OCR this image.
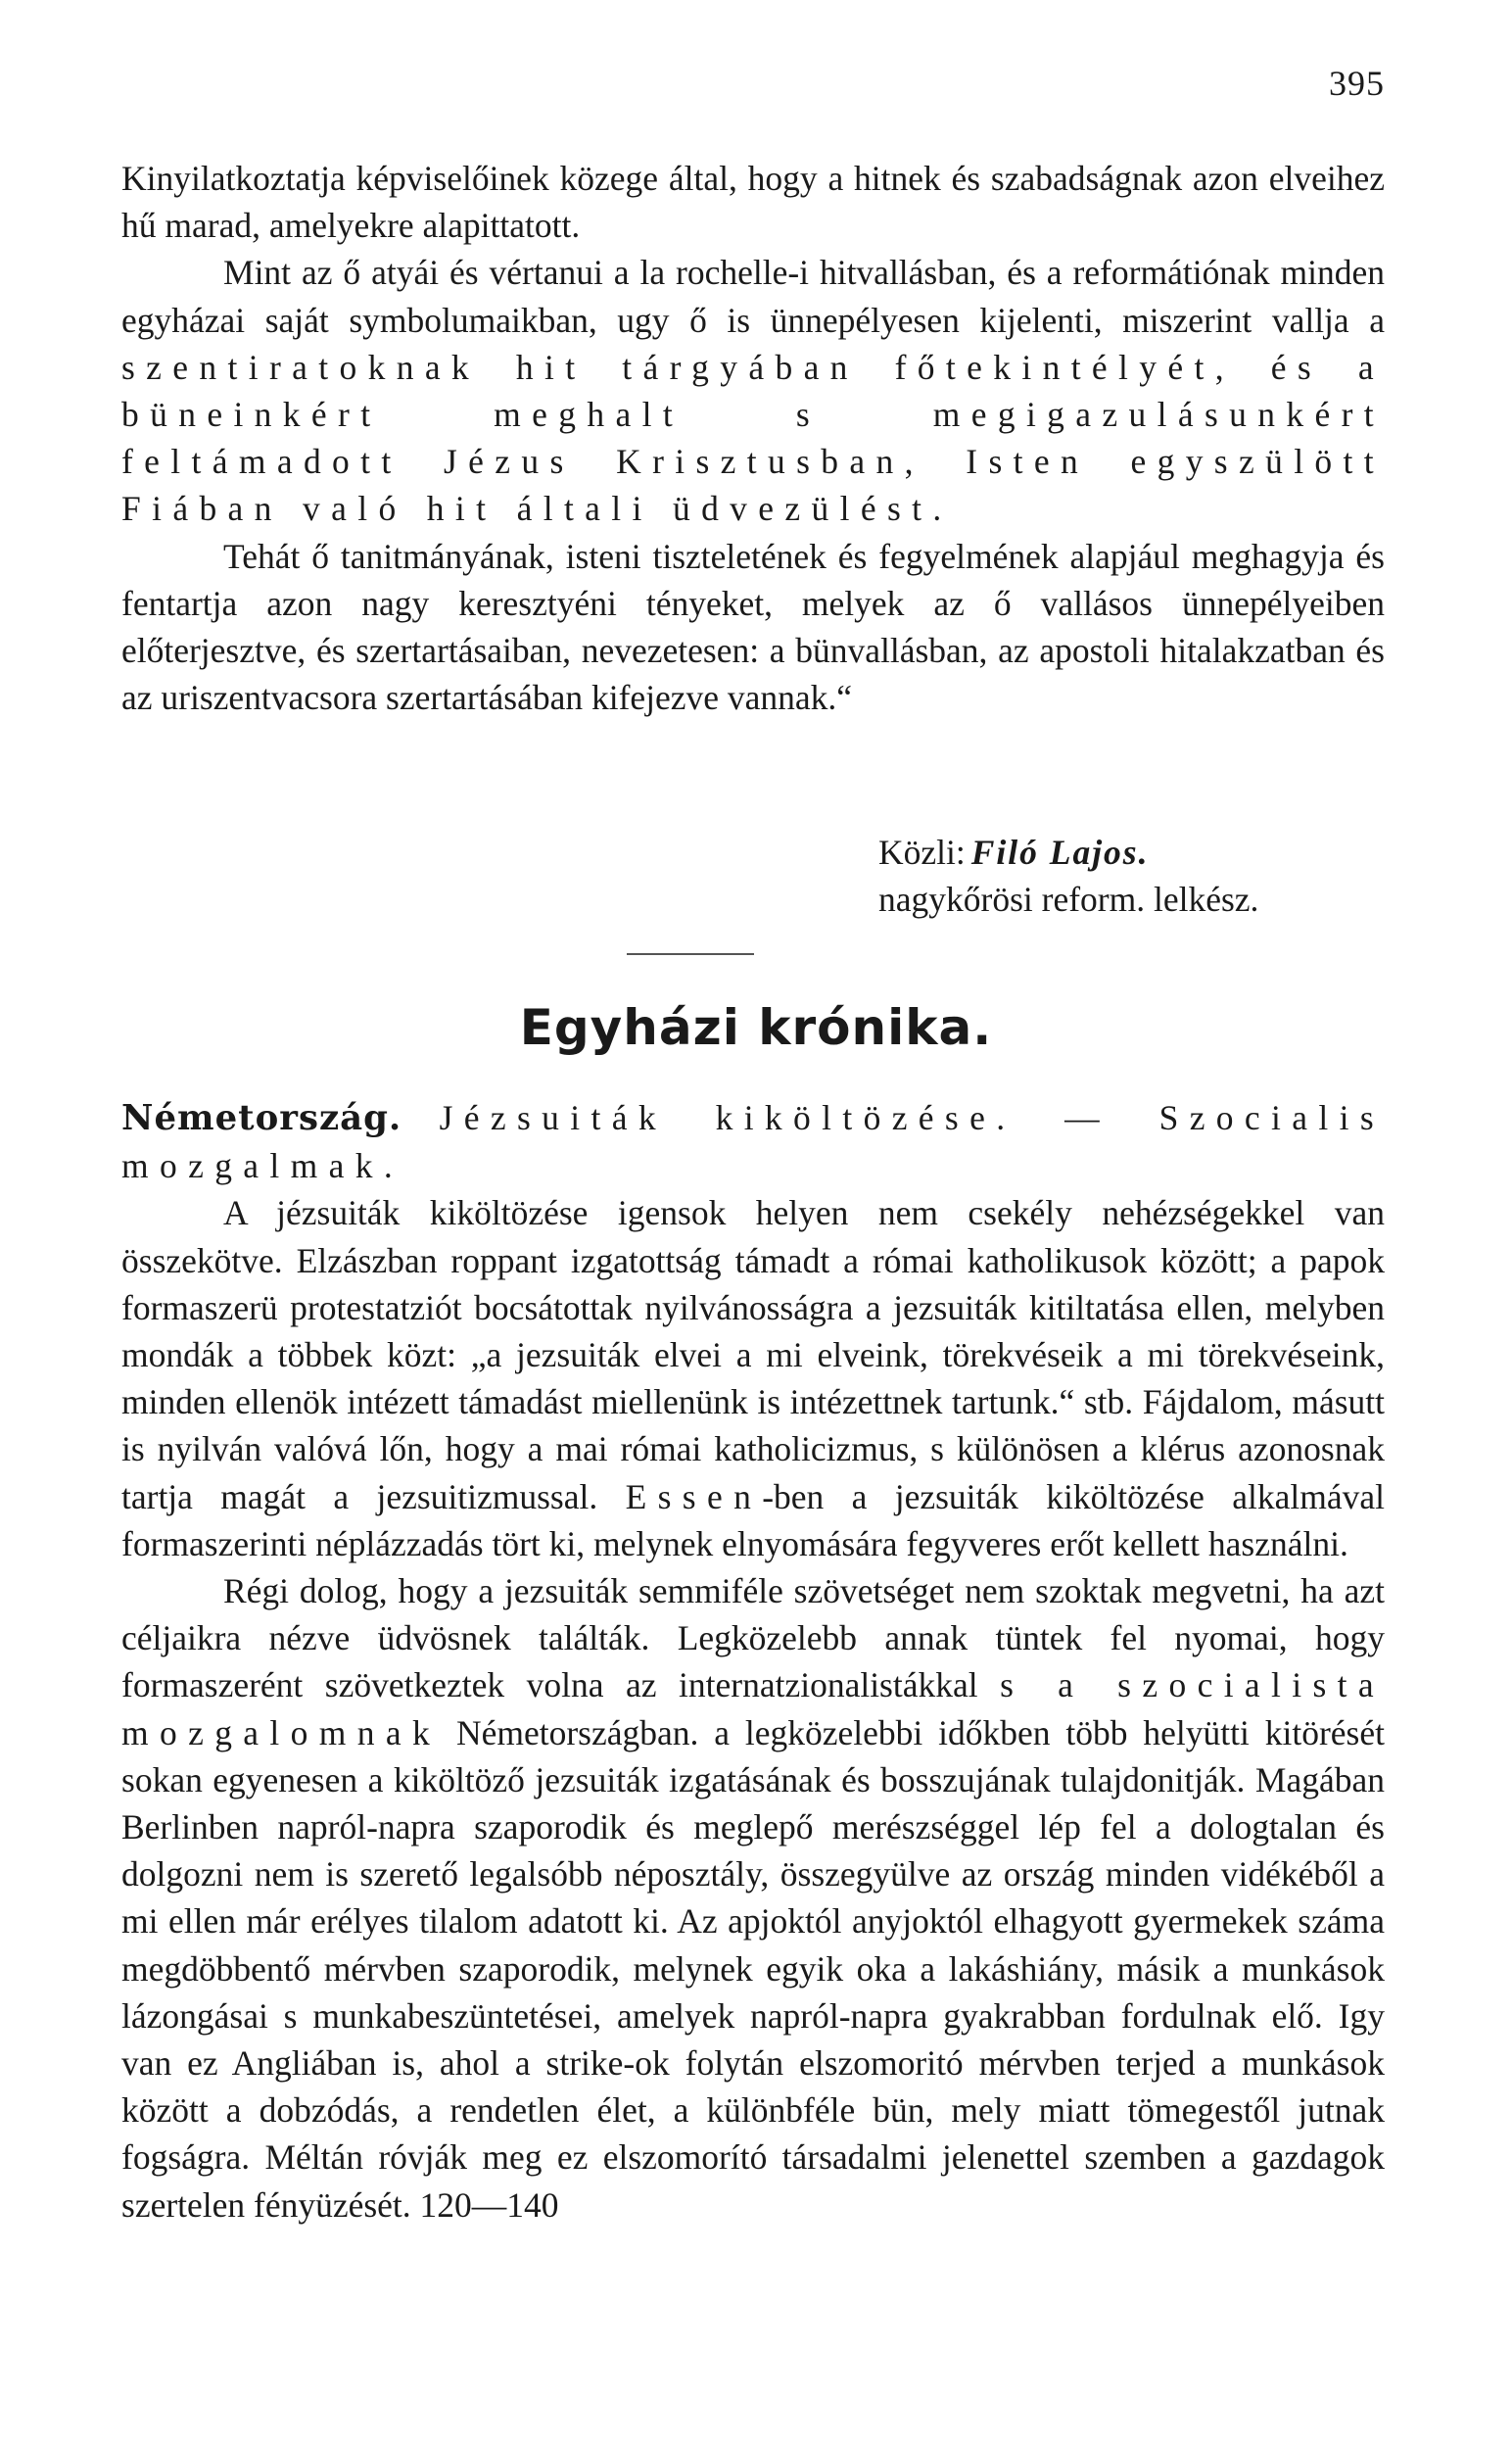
395

Kinyilatkoztatja képviselőinek közege által, hogy a hitnek és szabadságnak azon elveihez hű marad, amelyekre alapittatott.

Mint az ő atyái és vértanui a la rochelle-i hitvallásban, és a reformátiónak minden egyházai saját symbolumaikban, ugy ő is ünnepélyesen kijelenti, miszerint vallja a szentiratoknak hit tárgyában főtekintélyét, és a büneinkért meghalt s megigazulásunkért feltámadott Jézus Krisztusban, Isten egyszülött Fiában való hit általi üdvezülést.

Tehát ő tanitmányának, isteni tiszteletének és fegyelmének alapjául meghagyja és fentartja azon nagy keresztyéni tényeket, melyek az ő vallásos ünnepélyeiben előterjesztve, és szertartásaiban, nevezetesen: a bünvallásban, az apostoli hitalakzatban és az uriszentvacsora szertartásában kifejezve vannak.“

Közli: Filó Lajos.
nagykőrösi reform. lelkész.
Egyházi krónika.

Németország. Jézsuiták kiköltözése. — Szocialis mozgalmak.

A jézsuiták kiköltözése igensok helyen nem csekély nehézségekkel van összekötve. Elzászban roppant izgatottság támadt a római katholikusok között; a papok formaszerü protestatziót bocsátottak nyilvánosságra a jezsuiták kitiltatása ellen, melyben mondák a többek közt: „a jezsuiták elvei a mi elveink, törekvéseik a mi törekvéseink, minden ellenök intézett támadást miellenünk is intézettnek tartunk.“ stb. Fájdalom, másutt is nyilván valóvá lőn, hogy a mai római katholicizmus, s különösen a klérus azonosnak tartja magát a jezsuitizmussal. Essen-ben a jezsuiták kiköltözése alkalmával formaszerinti néplázzadás tört ki, melynek elnyomására fegyveres erőt kellett használni.

Régi dolog, hogy a jezsuiták semmiféle szövetséget nem szoktak megvetni, ha azt céljaikra nézve üdvösnek találták. Legközelebb annak tüntek fel nyomai, hogy formaszerént szövetkeztek volna az internatzionalistákkal s a szocialista mozgalomnak Németországban. a legközelebbi időkben több helyütti kitörését sokan egyenesen a kiköltöző jezsuiták izgatásának és bosszujának tulajdonitják. Magában Berlinben napról-napra szaporodik és meglepő merészséggel lép fel a dologtalan és dolgozni nem is szerető legalsóbb néposztály, összegyülve az ország minden vidékéből a mi ellen már erélyes tilalom adatott ki. Az apjoktól anyjoktól elhagyott gyermekek száma megdöbbentő mérvben szaporodik, melynek egyik oka a lakáshiány, másik a munkások lázongásai s munkabeszüntetései, amelyek napról-napra gyakrabban fordulnak elő. Igy van ez Angliában is, ahol a strike-ok folytán elszomoritó mérvben terjed a munkások között a dobzódás, a rendetlen élet, a különbféle bün, mely miatt tömegestől jutnak fogságra. Méltán róvják meg ez elszomorító társadalmi jelenettel szemben a gazdagok szertelen fényüzését. 120—140
